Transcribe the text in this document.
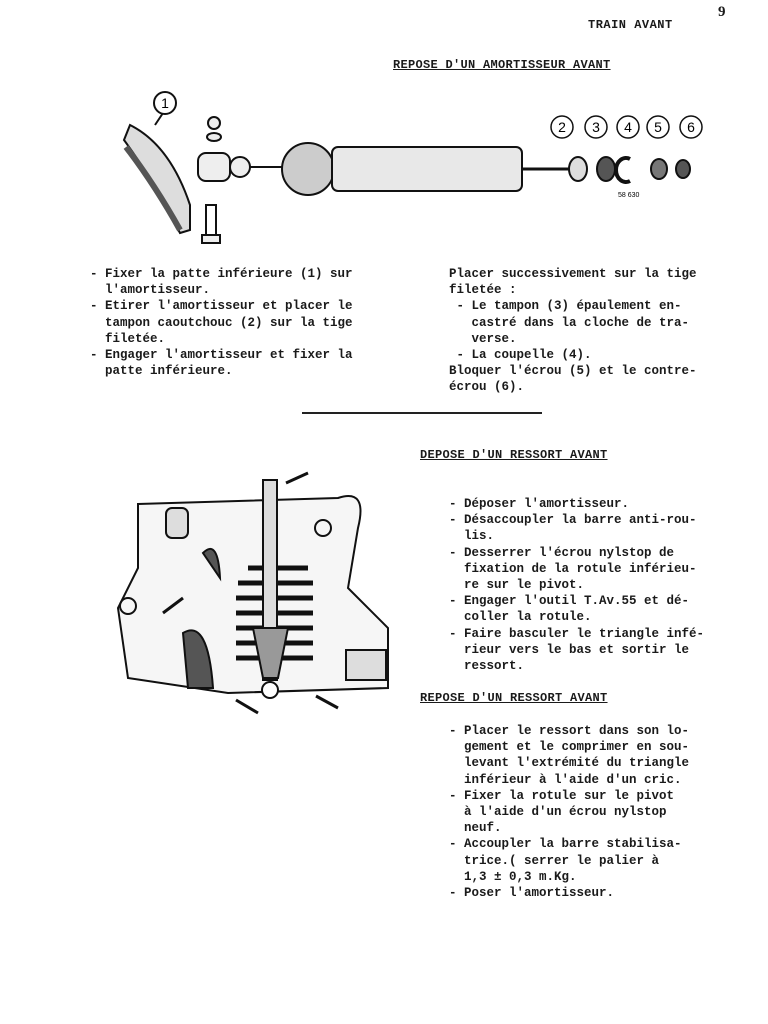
9
TRAIN AVANT
REPOSE D'UN AMORTISSEUR AVANT
1
2 3 4 5 6
58 630
- Fixer la patte inférieure (1) sur
l'amortisseur.
- Etirer l'amortisseur et placer le
tampon caoutchouc (2) sur la tige
filetée.
- Engager l'amortisseur et fixer la
patte inférieure.
Placer successivement sur la tige
filetée :
- Le tampon (3) épaulement en-
castré dans la cloche de tra-
verse.
- La coupelle (4).
Bloquer l'écrou (5) et le contre-
écrou (6).
DEPOSE D'UN RESSORT AVANT
- Déposer l'amortisseur.
- Désaccoupler la barre anti-rou-
lis.
- Desserrer l'écrou nylstop de
fixation de la rotule inférieu-
re sur le pivot.
- Engager l'outil T.Av.55 et dé-
coller la rotule.
- Faire basculer le triangle infé-
rieur vers le bas et sortir le
ressort.
REPOSE D'UN RESSORT AVANT
- Placer le ressort dans son lo-
gement et le comprimer en sou-
levant l'extrémité du triangle
inférieur à l'aide d'un cric.
- Fixer la rotule sur le pivot
à l'aide d'un écrou nylstop
neuf.
- Accoupler la barre stabilisa-
trice.( serrer le palier à
1,3 ± 0,3 m.Kg.
- Poser l'amortisseur.
